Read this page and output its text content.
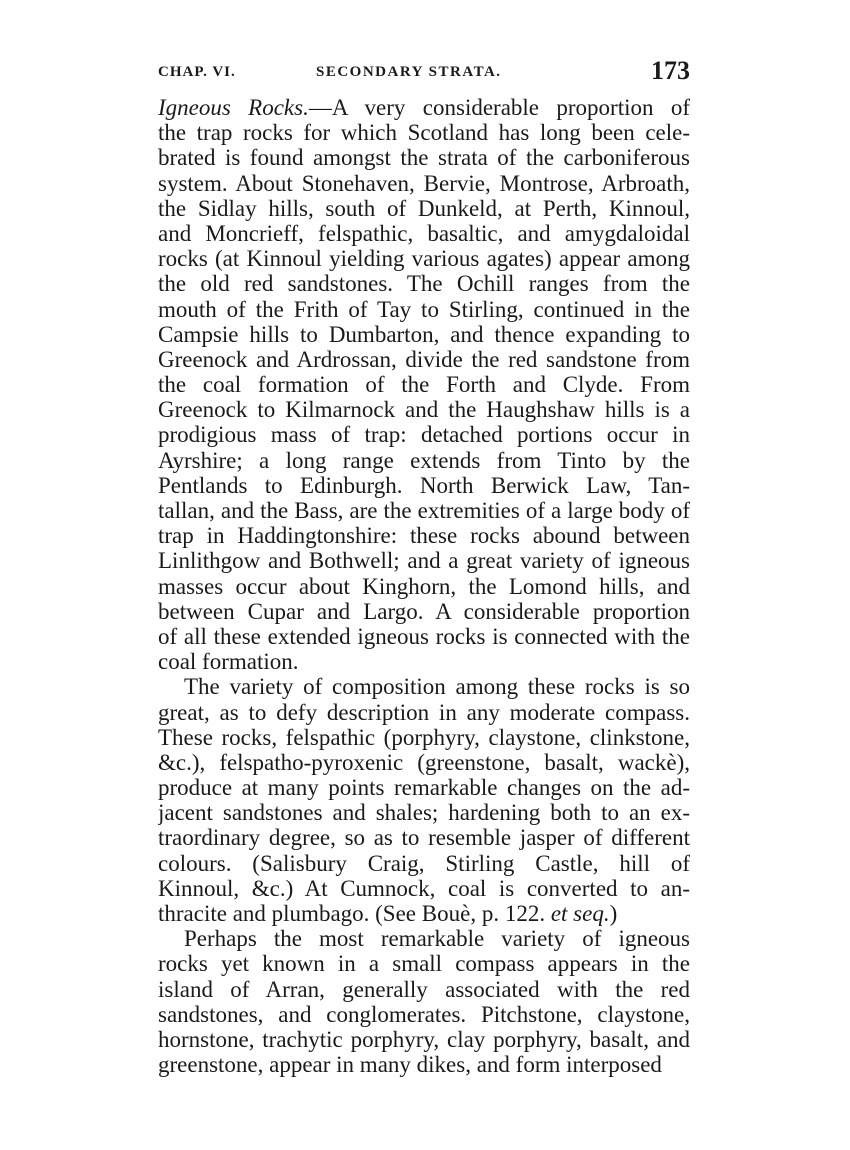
CHAP. VI.	SECONDARY STRATA.	173
Igneous Rocks.—A very considerable proportion of
the trap rocks for which Scotland has long been cele-
brated is found amongst the strata of the carboniferous
system. About Stonehaven, Bervie, Montrose, Arbroath,
the Sidlay hills, south of Dunkeld, at Perth, Kinnoul,
and Moncrieff, felspathic, basaltic, and amygdaloidal
rocks (at Kinnoul yielding various agates) appear among
the old red sandstones. The Ochill ranges from the
mouth of the Frith of Tay to Stirling, continued in the
Campsie hills to Dumbarton, and thence expanding to
Greenock and Ardrossan, divide the red sandstone from
the coal formation of the Forth and Clyde. From
Greenock to Kilmarnock and the Haughshaw hills is a
prodigious mass of trap: detached portions occur in
Ayrshire; a long range extends from Tinto by the
Pentlands to Edinburgh. North Berwick Law, Tan-
tallan, and the Bass, are the extremities of a large body of
trap in Haddingtonshire: these rocks abound between
Linlithgow and Bothwell; and a great variety of igneous
masses occur about Kinghorn, the Lomond hills, and
between Cupar and Largo. A considerable proportion
of all these extended igneous rocks is connected with the
coal formation.
The variety of composition among these rocks is so
great, as to defy description in any moderate compass.
These rocks, felspathic (porphyry, claystone, clinkstone,
&c.), felspatho-pyroxenic (greenstone, basalt, wackè),
produce at many points remarkable changes on the ad-
jacent sandstones and shales; hardening both to an ex-
traordinary degree, so as to resemble jasper of different
colours. (Salisbury Craig, Stirling Castle, hill of
Kinnoul, &c.) At Cumnock, coal is converted to an-
thracite and plumbago. (See Bouè, p. 122. et seq.)
Perhaps the most remarkable variety of igneous
rocks yet known in a small compass appears in the
island of Arran, generally associated with the red
sandstones, and conglomerates. Pitchstone, claystone,
hornstone, trachytic porphyry, clay porphyry, basalt, and
greenstone, appear in many dikes, and form interposed
